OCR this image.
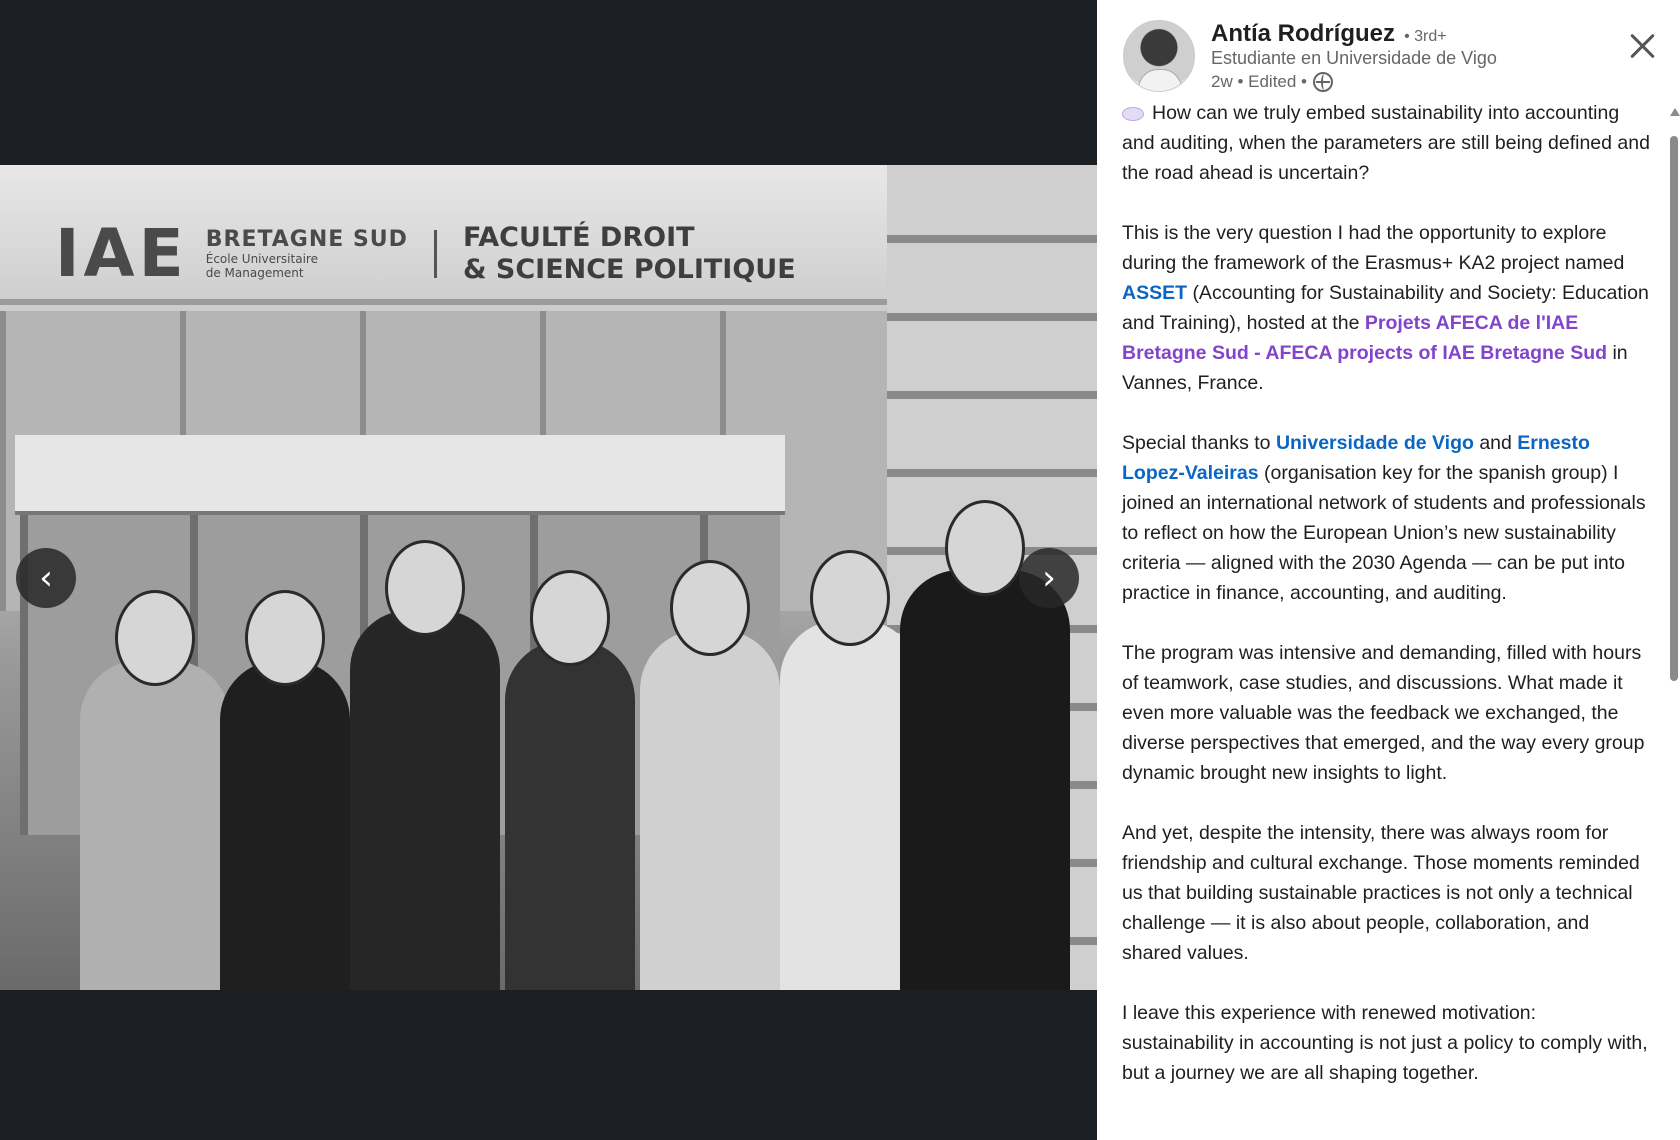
IAE BRETAGNE SUD
École Universitaire
de Management
FACULTÉ DROIT
& SCIENCE POLITIQUE
‹	›
Antía Rodríguez • 3rd+
Estudiante en Universidade de Vigo
2w • Edited •

How can we truly embed sustainability into accounting and auditing, when the parameters are still being defined and the road ahead is uncertain?

This is the very question I had the opportunity to explore during the framework of the Erasmus+ KA2 project named ASSET (Accounting for Sustainability and Society: Education and Training), hosted at the Projets AFECA de l'IAE Bretagne Sud - AFECA projects of IAE Bretagne Sud in Vannes, France.

Special thanks to Universidade de Vigo and Ernesto Lopez-Valeiras (organisation key for the spanish group) I joined an international network of students and professionals to reflect on how the European Union’s new sustainability criteria — aligned with the 2030 Agenda — can be put into practice in finance, accounting, and auditing.

The program was intensive and demanding, filled with hours of teamwork, case studies, and discussions. What made it even more valuable was the feedback we exchanged, the diverse perspectives that emerged, and the way every group dynamic brought new insights to light.

And yet, despite the intensity, there was always room for friendship and cultural exchange. Those moments reminded us that building sustainable practices is not only a technical challenge — it is also about people, collaboration, and shared values.

I leave this experience with renewed motivation: sustainability in accounting is not just a policy to comply with, but a journey we are all shaping together.
